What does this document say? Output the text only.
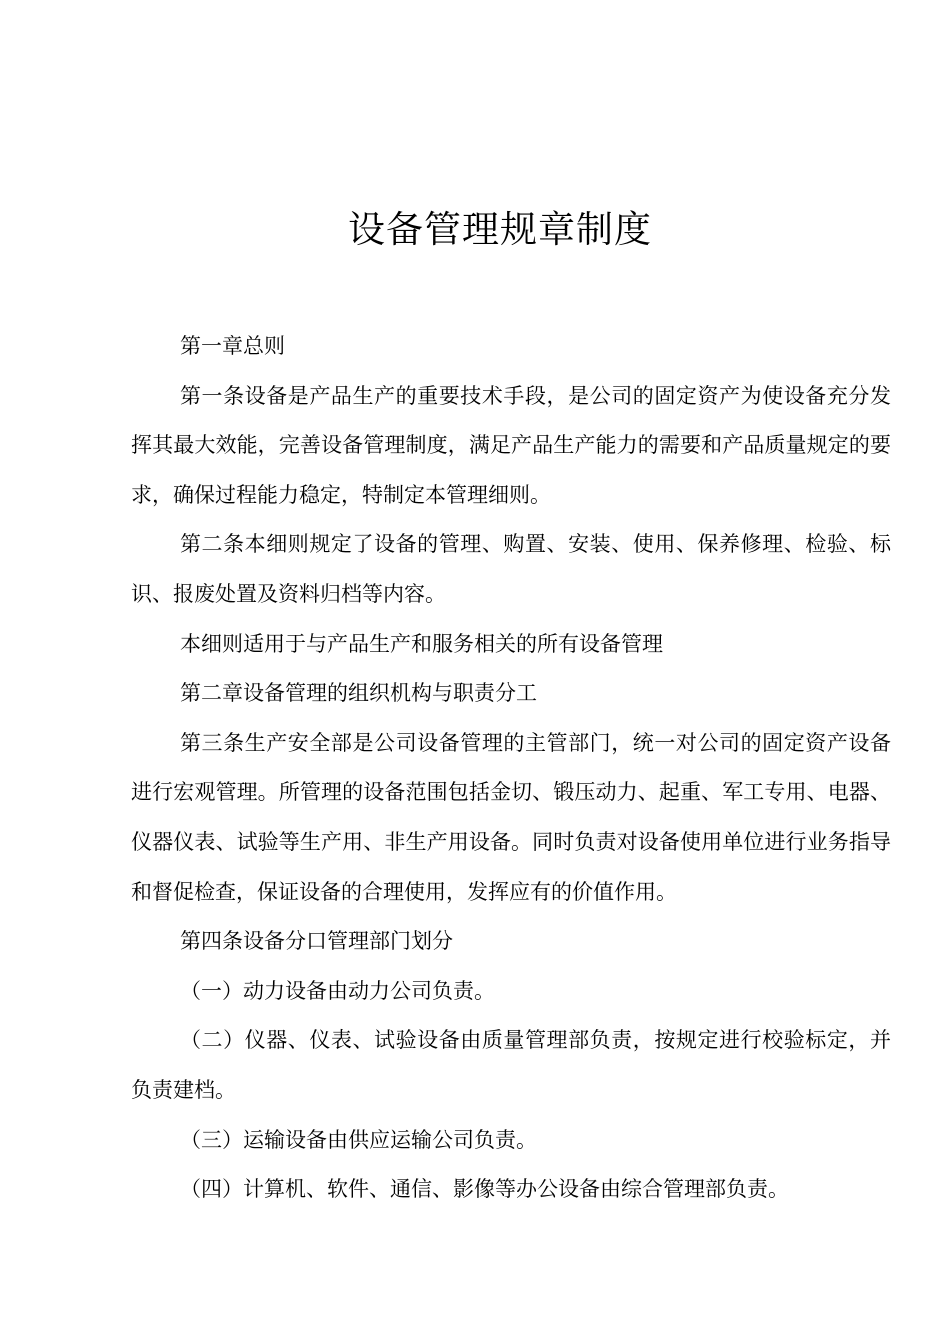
设备管理规章制度

第一章总则

第一条设备是产品生产的重要技术手段，是公司的固定资产为使设备充分发挥其最大效能，完善设备管理制度，满足产品生产能力的需要和产品质量规定的要求，确保过程能力稳定，特制定本管理细则。

第二条本细则规定了设备的管理、购置、安装、使用、保养修理、检验、标识、报废处置及资料归档等内容。

本细则适用于与产品生产和服务相关的所有设备管理

第二章设备管理的组织机构与职责分工

第三条生产安全部是公司设备管理的主管部门，统一对公司的固定资产设备进行宏观管理。所管理的设备范围包括金切、锻压动力、起重、军工专用、电器、仪器仪表、试验等生产用、非生产用设备。同时负责对设备使用单位进行业务指导和督促检查，保证设备的合理使用，发挥应有的价值作用。

第四条设备分口管理部门划分

（一）动力设备由动力公司负责。

（二）仪器、仪表、试验设备由质量管理部负责，按规定进行校验标定，并负责建档。

（三）运输设备由供应运输公司负责。

（四）计算机、软件、通信、影像等办公设备由综合管理部负责。
